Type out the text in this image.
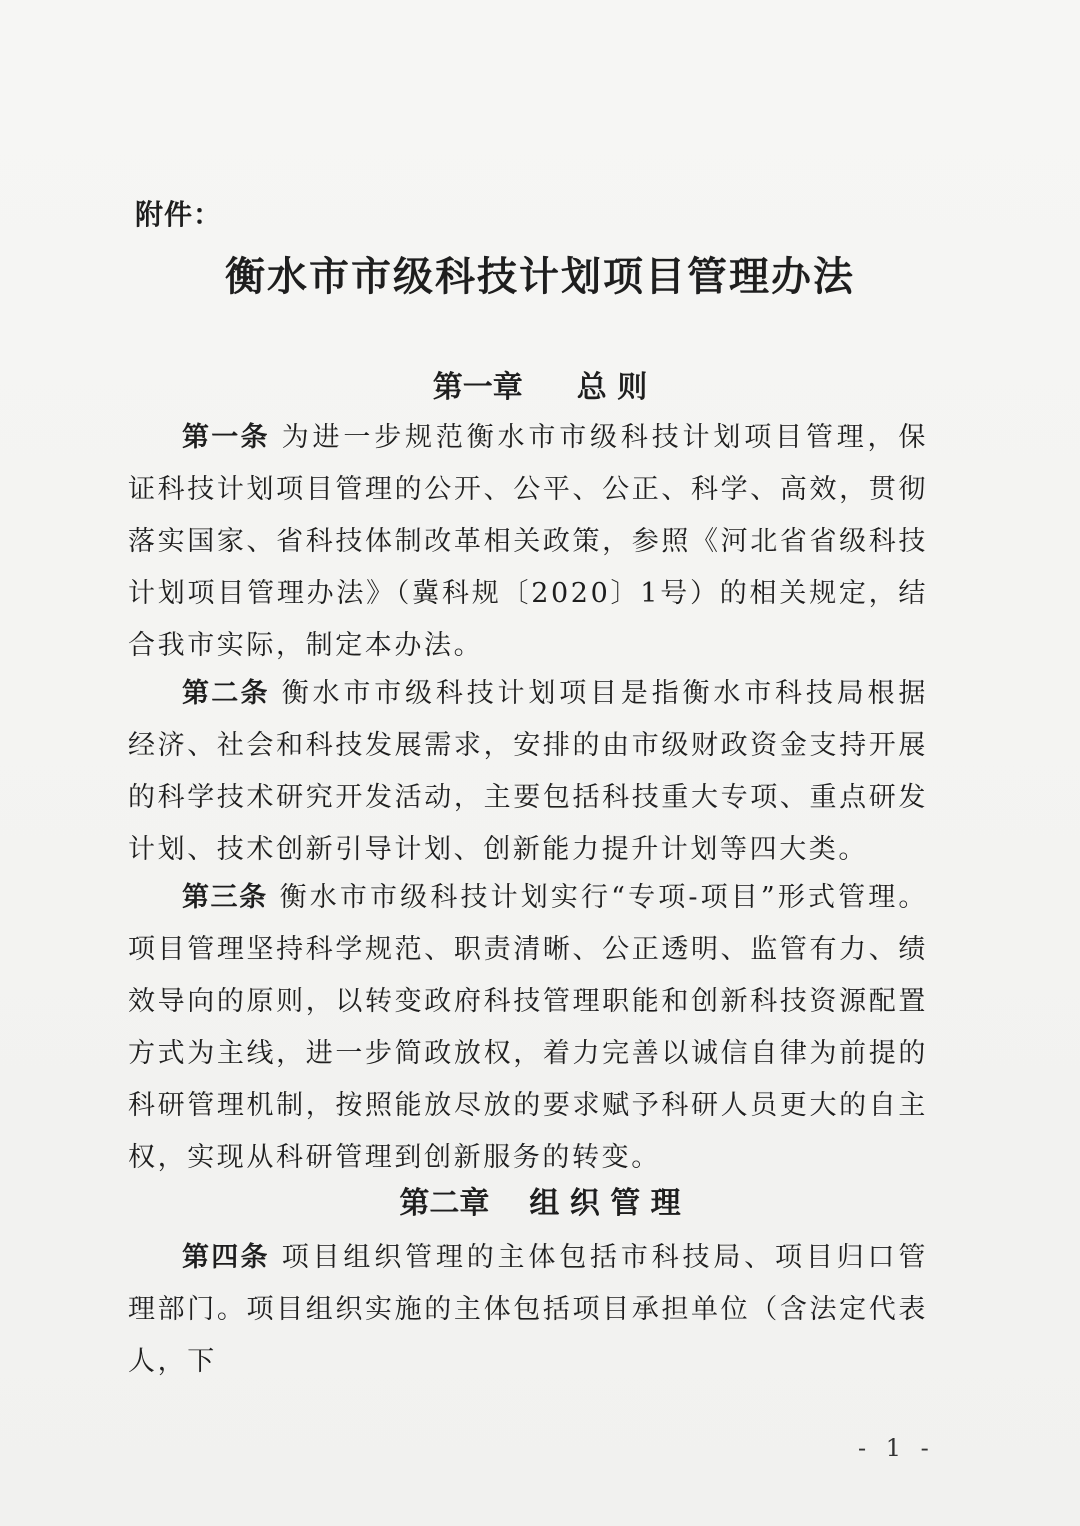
附件：
衡水市市级科技计划项目管理办法
第一章 总 则
第一条 为进一步规范衡水市市级科技计划项目管理，保证科技计划项目管理的公开、公平、公正、科学、高效，贯彻落实国家、省科技体制改革相关政策，参照《河北省省级科技计划项目管理办法》（冀科规〔2020〕1号）的相关规定，结合我市实际，制定本办法。
第二条 衡水市市级科技计划项目是指衡水市科技局根据经济、社会和科技发展需求，安排的由市级财政资金支持开展的科学技术研究开发活动，主要包括科技重大专项、重点研发计划、技术创新引导计划、创新能力提升计划等四大类。
第三条 衡水市市级科技计划实行“专项-项目”形式管理。项目管理坚持科学规范、职责清晰、公正透明、监管有力、绩效导向的原则，以转变政府科技管理职能和创新科技资源配置方式为主线，进一步简政放权，着力完善以诚信自律为前提的科研管理机制，按照能放尽放的要求赋予科研人员更大的自主权，实现从科研管理到创新服务的转变。
第二章 组 织 管 理
第四条 项目组织管理的主体包括市科技局、项目归口管理部门。项目组织实施的主体包括项目承担单位（含法定代表人，下
- 1 -
